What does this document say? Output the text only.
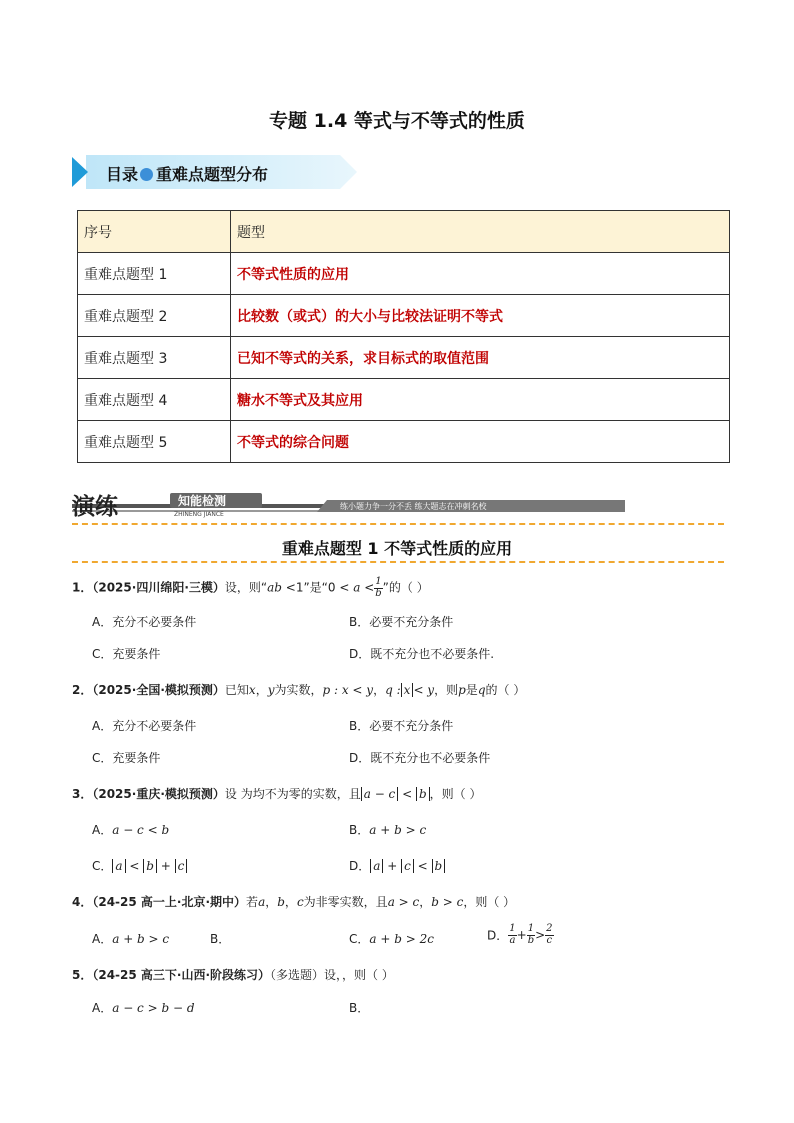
专题 1.4 等式与不等式的性质
目录 重难点题型分布
序号	题型
重难点题型 1	不等式性质的应用
重难点题型 2	比较数（或式）的大小与比较法证明不等式
重难点题型 3	已知不等式的关系，求目标式的取值范围
重难点题型 4	糖水不等式及其应用
重难点题型 5	不等式的综合问题
演练	知能检测
ZHINENG JIANCE
练小题力争一分不丢 练大题志在冲刺名校
重难点题型 1 不等式性质的应用
1．（2025·四川绵阳·三模）设，则“ab <1”是“$0 < a < \frac{1}{b}$ ”的（ ）
A．充分不必要条件	B．必要不充分条件
C．充要条件	D．既不充分也不必要条件.
2．（2025·全国·模拟预测）已知x，y为实数，p : x < y，q : x < y，则p是q的（ ）
A．充分不必要条件	B．必要不充分条件
C．充要条件	D．既不充分也不必要条件
3．（2025·重庆·模拟预测）设 为均不为零的实数，且 a − c < b ，则（ ）
A．a − c < b	B．a + b > c
C． a < b + c	D． a + c < b
4．（24-25 高一上·北京·期中）若a，b，c为非零实数，且a > c，b > c，则（ ）
A．a + b > c	B．	C．a + b > 2c	D． $\frac{1}{a} + \frac{1}{b} > \frac{2}{c}$
5．（24-25 高三下·山西·阶段练习）（多选题）设，，则（ ）
A．a − c > b − d	B．
